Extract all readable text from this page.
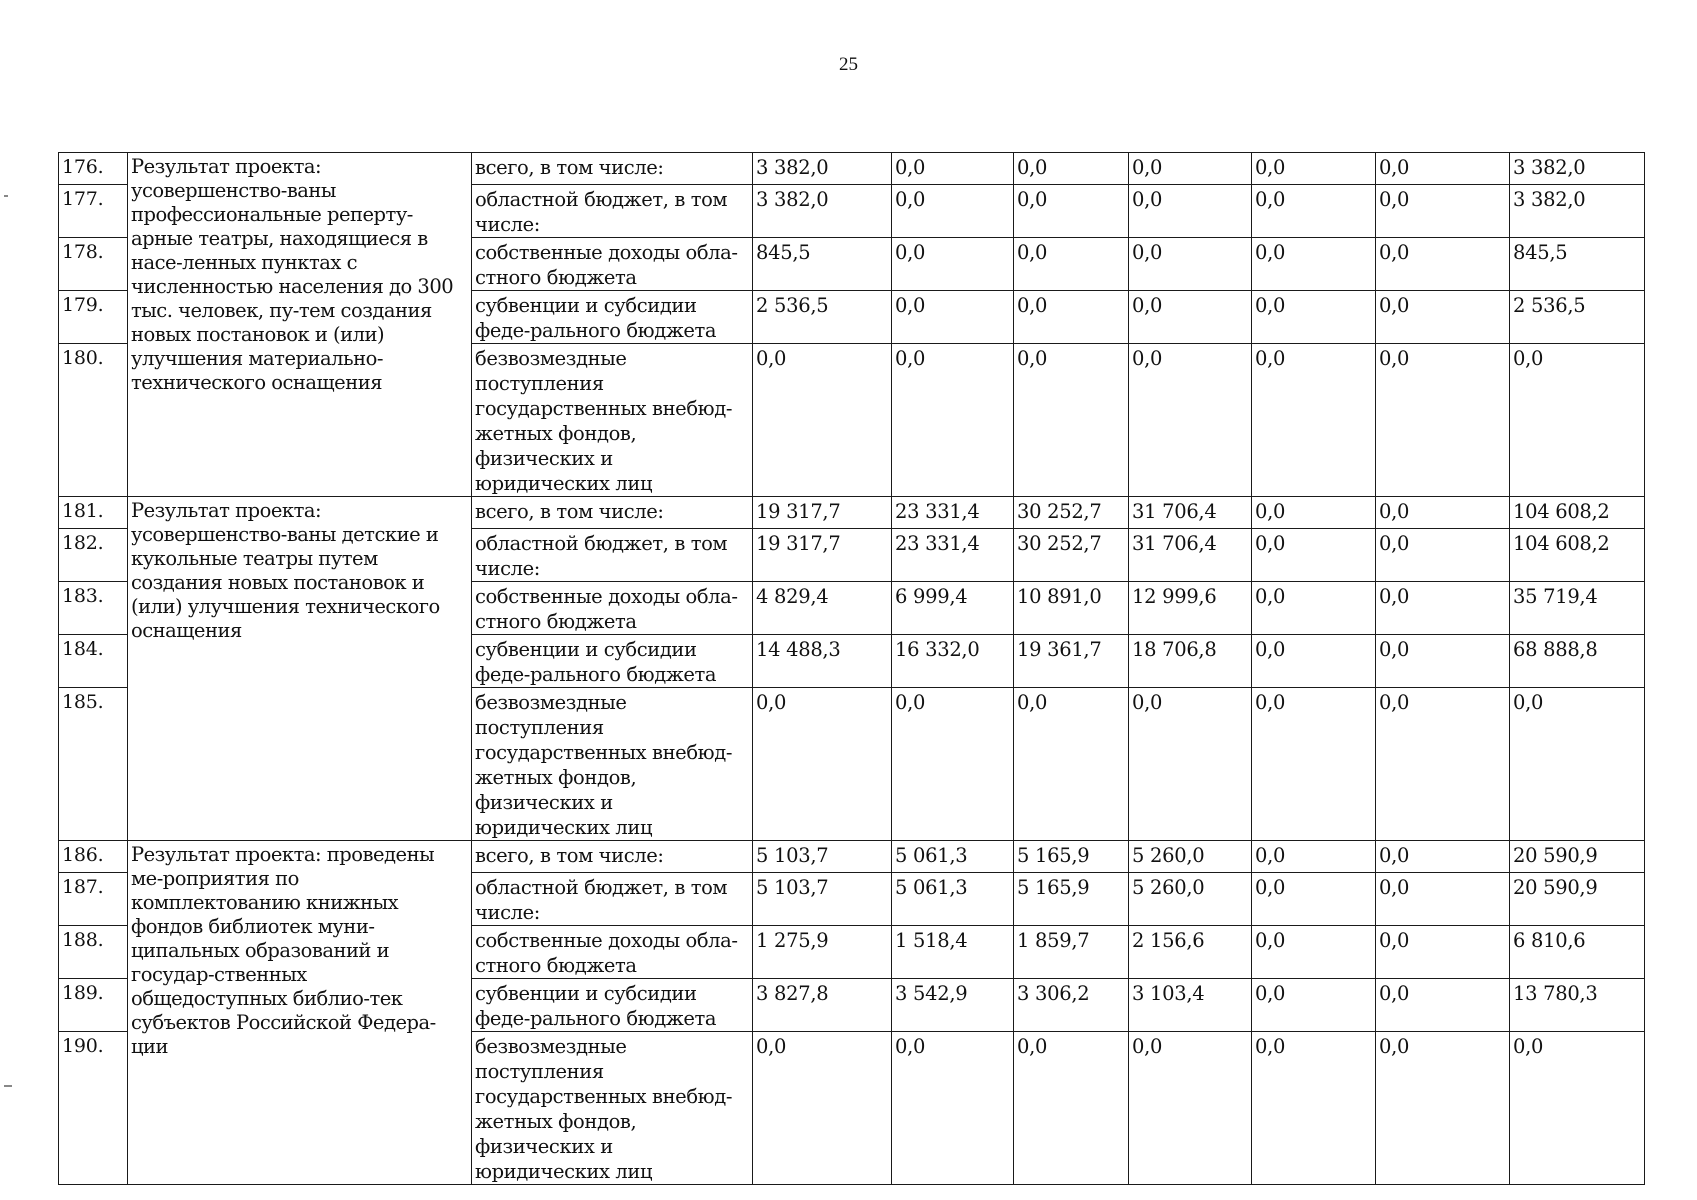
25
176.	Результат проекта: усовершенство-ваны профессиональные реперту-арные театры, находящиеся в насе-ленных пунктах с численностью населения до 300 тыс. человек, пу-тем создания новых постановок и (или) улучшения материально-технического оснащения	всего, в том числе:	3 382,0	0,0	0,0	0,0	0,0	0,0	3 382,0
177.		областной бюджет, в том числе:	3 382,0	0,0	0,0	0,0	0,0	0,0	3 382,0
178.		собственные доходы обла-стного бюджета	845,5	0,0	0,0	0,0	0,0	0,0	845,5
179.		субвенции и субсидии феде-рального бюджета	2 536,5	0,0	0,0	0,0	0,0	0,0	2 536,5
180.		безвозмездные поступления государственных внебюд-жетных фондов, физических и юридических лиц	0,0	0,0	0,0	0,0	0,0	0,0	0,0
181.	Результат проекта: усовершенство-ваны детские и кукольные театры путем создания новых постановок и (или) улучшения технического оснащения	всего, в том числе:	19 317,7	23 331,4	30 252,7	31 706,4	0,0	0,0	104 608,2
182.		областной бюджет, в том числе:	19 317,7	23 331,4	30 252,7	31 706,4	0,0	0,0	104 608,2
183.		собственные доходы обла-стного бюджета	4 829,4	6 999,4	10 891,0	12 999,6	0,0	0,0	35 719,4
184.		субвенции и субсидии феде-рального бюджета	14 488,3	16 332,0	19 361,7	18 706,8	0,0	0,0	68 888,8
185.		безвозмездные поступления государственных внебюд-жетных фондов, физических и юридических лиц	0,0	0,0	0,0	0,0	0,0	0,0	0,0
186.	Результат проекта: проведены ме-роприятия по комплектованию книжных фондов библиотек муни-ципальных образований и государ-ственных общедоступных библио-тек субъектов Российской Федера-ции	всего, в том числе:	5 103,7	5 061,3	5 165,9	5 260,0	0,0	0,0	20 590,9
187.		областной бюджет, в том числе:	5 103,7	5 061,3	5 165,9	5 260,0	0,0	0,0	20 590,9
188.		собственные доходы обла-стного бюджета	1 275,9	1 518,4	1 859,7	2 156,6	0,0	0,0	6 810,6
189.		субвенции и субсидии феде-рального бюджета	3 827,8	3 542,9	3 306,2	3 103,4	0,0	0,0	13 780,3
190.		безвозмездные поступления государственных внебюд-жетных фондов, физических и юридических лиц	0,0	0,0	0,0	0,0	0,0	0,0	0,0
